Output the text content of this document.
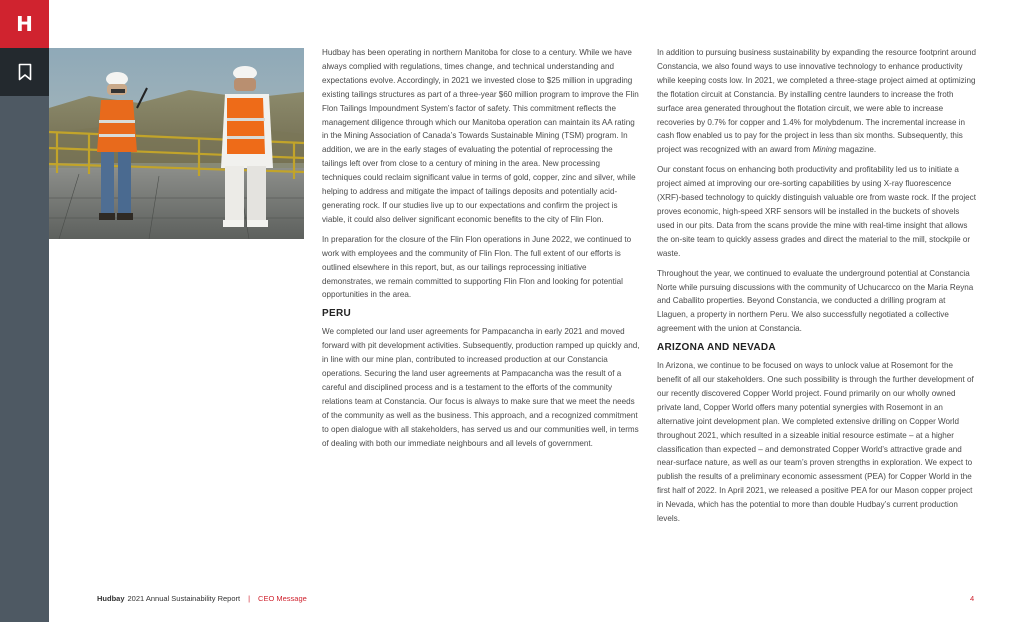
H

Hudbay has been operating in northern Manitoba for close to a century. While we have always complied with regulations, times change, and technical understanding and expectations evolve. Accordingly, in 2021 we invested close to $25 million in upgrading existing tailings structures as part of a three-year $60 million program to improve the Flin Flon Tailings Impoundment System’s factor of safety. This commitment reflects the management diligence through which our Manitoba operation can maintain its AA rating in the Mining Association of Canada’s Towards Sustainable Mining (TSM) program. In addition, we are in the early stages of evaluating the potential of reprocessing the tailings left over from close to a century of mining in the area. New processing techniques could reclaim significant value in terms of gold, copper, zinc and silver, while helping to address and mitigate the impact of tailings deposits and potentially acid-generating rock. If our studies live up to our expectations and confirm the project is viable, it could also deliver significant economic benefits to the city of Flin Flon.

In preparation for the closure of the Flin Flon operations in June 2022, we continued to work with employees and the community of Flin Flon. The full extent of our efforts is outlined elsewhere in this report, but, as our tailings reprocessing initiative demonstrates, we remain committed to supporting Flin Flon and looking for potential opportunities in the area.

PERU

We completed our land user agreements for Pampacancha in early 2021 and moved forward with pit development activities. Subsequently, production ramped up quickly and, in line with our mine plan, contributed to increased production at our Constancia operations. Securing the land user agreements at Pampacancha was the result of a careful and disciplined process and is a testament to the efforts of the community relations team at Constancia. Our focus is always to make sure that we meet the needs of the community as well as the business. This approach, and a recognized commitment to open dialogue with all stakeholders, has served us and our communities well, in terms of dealing with both our immediate neighbours and all levels of government.

In addition to pursuing business sustainability by expanding the resource footprint around Constancia, we also found ways to use innovative technology to enhance productivity while keeping costs low. In 2021, we completed a three-stage project aimed at optimizing the flotation circuit at Constancia. By installing centre launders to increase the froth surface area generated throughout the flotation circuit, we were able to increase recoveries by 0.7% for copper and 1.4% for molybdenum. The incremental increase in cash flow enabled us to pay for the project in less than six months. Subsequently, this project was recognized with an award from Mining magazine.

Our constant focus on enhancing both productivity and profitability led us to initiate a project aimed at improving our ore-sorting capabilities by using X-ray fluorescence (XRF)-based technology to quickly distinguish valuable ore from waste rock. If the project proves economic, high-speed XRF sensors will be installed in the buckets of shovels used in our pits. Data from the scans provide the mine with real-time insight that allows the on-site team to quickly assess grades and direct the material to the mill, stockpile or waste.

Throughout the year, we continued to evaluate the underground potential at Constancia Norte while pursuing discussions with the community of Uchucarcco on the Maria Reyna and Caballito properties. Beyond Constancia, we conducted a drilling program at Llaguen, a property in northern Peru. We also successfully negotiated a collective agreement with the union at Constancia.

ARIZONA AND NEVADA

In Arizona, we continue to be focused on ways to unlock value at Rosemont for the benefit of all our stakeholders. One such possibility is through the further development of our recently discovered Copper World project. Found primarily on our wholly owned private land, Copper World offers many potential synergies with Rosemont in an alternative joint development plan. We completed extensive drilling on Copper World throughout 2021, which resulted in a sizeable initial resource estimate – at a higher classification than expected – and demonstrated Copper World’s attractive grade and near-surface nature, as well as our team’s proven strengths in exploration. We expect to publish the results of a preliminary economic assessment (PEA) for Copper World in the first half of 2022. In April 2021, we released a positive PEA for our Mason copper project in Nevada, which has the potential to more than double Hudbay’s current production levels.

Hudbay 2021 Annual Sustainability Report | CEO Message	4
